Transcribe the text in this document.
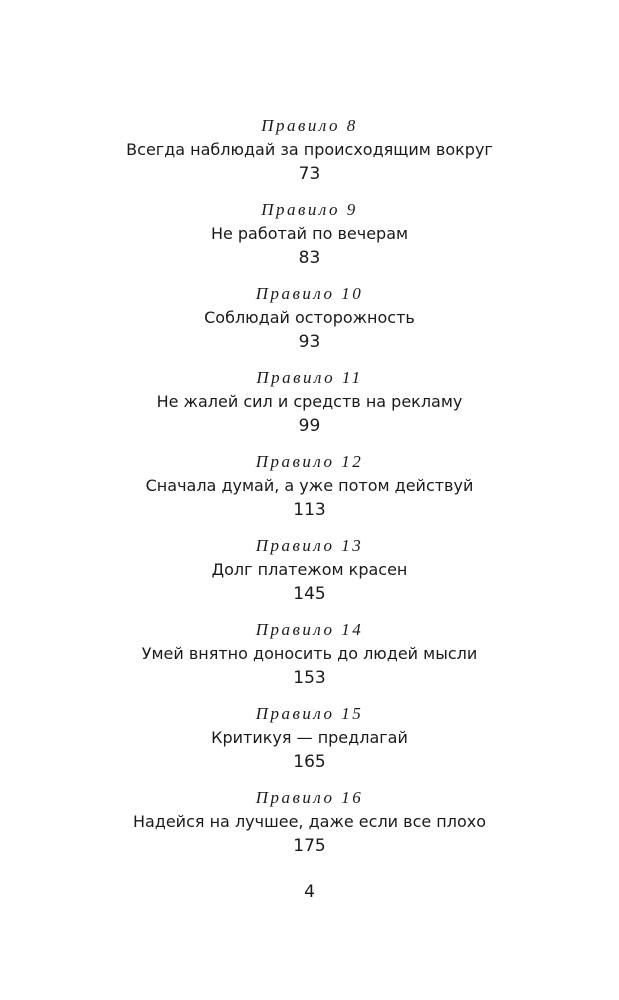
Правило 8
Всегда наблюдай за происходящим вокруг
73
Правило 9
Не работай по вечерам
83
Правило 10
Соблюдай осторожность
93
Правило 11
Не жалей сил и средств на рекламу
99
Правило 12
Сначала думай, а уже потом действуй
113
Правило 13
Долг платежом красен
145
Правило 14
Умей внятно доносить до людей мысли
153
Правило 15
Критикуя — предлагай
165
Правило 16
Надейся на лучшее, даже если все плохо
175
4
